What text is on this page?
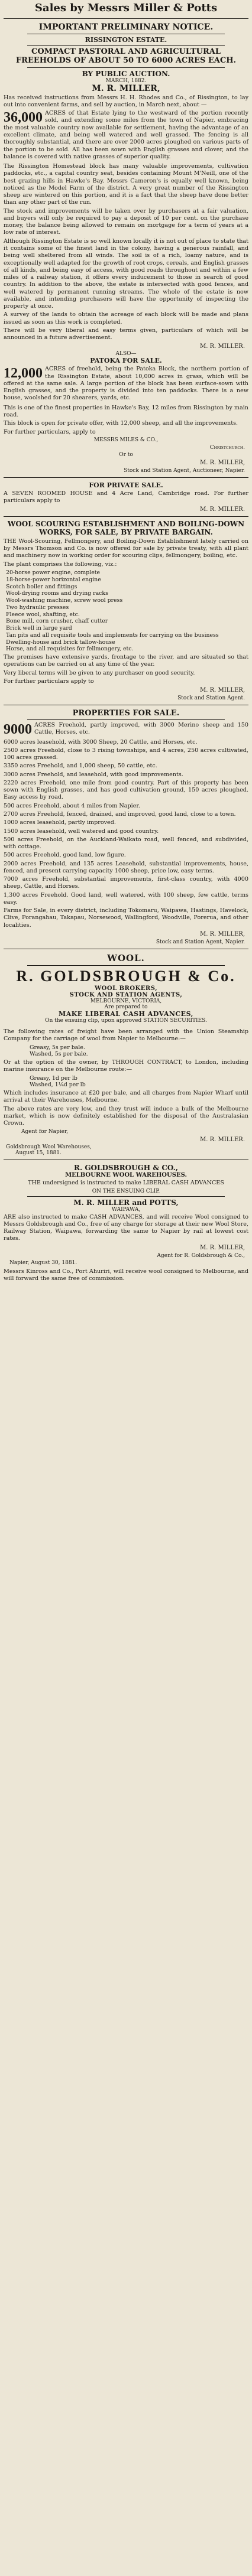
Sales by Messrs Miller & Potts
IMPORTANT PRELIMINARY NOTICE.
RISSINGTON ESTATE.
COMPACT PASTORAL AND AGRICULTURAL FREEHOLDS OF ABOUT 50 TO 6000 ACRES EACH.
BY PUBLIC AUCTION.
MARCH, 1882.
M. R. MILLER,

Has received instructions from Messrs H. H. Rhodes and Co., of Rissington, to lay out into convenient farms, and sell by auction, in March next, about —

36,000 ACRES of that Estate lying to the westward of the portion recently sold, and extending some miles from the town of Napier, embracing the most valuable country now available for settlement, having the advantage of an excellent climate, and being well watered and well grassed. The fencing is all thoroughly substantial, and there are over 2000 acres ploughed on various parts of the portion to be sold. All has been sown with English grasses and clover, and the balance is covered with native grasses of superior quality.

The Rissington Homestead block has many valuable improvements, cultivation paddocks, etc., a capital country seat, besides containing Mount M'Neill, one of the best grazing hills in Hawke's Bay. Messrs Cameron's is equally well known, being noticed as the Model Farm of the district. A very great number of the Rissington sheep are wintered on this portion, and it is a fact that the sheep have done better than any other part of the run.

The stock and improvements will be taken over by purchasers at a fair valuation, and buyers will only be required to pay a deposit of 10 per cent. on the purchase money, the balance being allowed to remain on mortgage for a term of years at a low rate of interest.

Although Rissington Estate is so well known locally it is not out of place to state that it contains some of the finest land in the colony, having a generous rainfall, and being well sheltered from all winds. The soil is of a rich, loamy nature, and is exceptionally well adapted for the growth of root crops, cereals, and English grasses of all kinds, and being easy of access, with good roads throughout and within a few miles of a railway station, it offers every inducement to those in search of good country. In addition to the above, the estate is intersected with good fences, and well watered by permanent running streams. The whole of the estate is now available, and intending purchasers will have the opportunity of inspecting the property at once.

A survey of the lands to obtain the acreage of each block will be made and plans issued as soon as this work is completed.

There will be very liberal and easy terms given, particulars of which will be announced in a future advertisement.

M. R. MILLER.
ALSO—
PATOKA FOR SALE.
12,000 ACRES of freehold, being the Patoka Block, the northern portion of the Rissington Estate, about 10,000 acres in grass, which will be offered at the same sale. A large portion of the block has been surface-sown with English grasses, and the property is divided into ten paddocks. There is a new house, woolshed for 20 shearers, yards, etc.

This is one of the finest properties in Hawke's Bay, 12 miles from Rissington by main road.

This block is open for private offer, with 12,000 sheep, and all the improvements.

For further particulars, apply to

MESSRS MILES & CO.,
Christchurch.
Or to
M. R. MILLER,
Stock and Station Agent, Auctioneer, Napier.
FOR PRIVATE SALE.

A SEVEN ROOMED HOUSE and 4 Acre Land, Cambridge road. For further particulars apply to

M. R. MILLER.
WOOL SCOURING ESTABLISHMENT AND BOILING-DOWN WORKS, FOR SALE, BY PRIVATE BARGAIN.

THE Wool-Scouring, Fellmongery, and Boiling-Down Establishment lately carried on by Messrs Thomson and Co. is now offered for sale by private treaty, with all plant and machinery now in working order for scouring clips, fellmongery, boiling, etc.

The plant comprises the following, viz.:

20-horse power engine, complete
18-horse-power horizontal engine
Scotch boiler and fittings
Wool-drying rooms and drying racks
Wool-washing machine, screw wool press
Two hydraulic presses
Fleece wool, shafting, etc.
Bone mill, corn crusher, chaff cutter
Brick well in large yard
Tan pits and all requisite tools and implements for carrying on the business
Dwelling-house and brick tallow-house
Horse, and all requisites for fellmongery, etc.

The premises have extensive yards, frontage to the river, and are situated so that operations can be carried on at any time of the year.

Very liberal terms will be given to any purchaser on good security.

For further particulars apply to

M. R. MILLER,
Stock and Station Agent.
PROPERTIES FOR SALE.
9000 ACRES Freehold, partly improved, with 3000 Merino sheep and 150 Cattle, Horses, etc.

6000 acres leasehold, with 3000 Sheep, 20 Cattle, and Horses, etc.

2500 acres Freehold, close to 3 rising townships, and 4 acres, 250 acres cultivated, 100 acres grassed.

3350 acres Freehold, and 1,000 sheep, 50 cattle, etc.

3000 acres Freehold, and leasehold, with good improvements.

2220 acres Freehold, one mile from good country. Part of this property has been sown with English grasses, and has good cultivation ground, 150 acres ploughed. Easy access by road.

500 acres Freehold, about 4 miles from Napier.

2700 acres Freehold, fenced, drained, and improved, good land, close to a town.

1000 acres leasehold, partly improved.

1500 acres leasehold, well watered and good country.

500 acres Freehold, on the Auckland-Waikato road, well fenced, and subdivided, with cottage.

500 acres Freehold, good land, low figure.

2000 acres Freehold, and 135 acres Leasehold, substantial improvements, house, fenced, and present carrying capacity 1000 sheep, price low, easy terms.

7000 acres Freehold, substantial improvements, first-class country, with 4000 sheep, Cattle, and Horses.

1,300 acres Freehold. Good land, well watered, with 100 sheep, few cattle, terms easy.

Farms for Sale, in every district, including Tokomaru, Waipawa, Hastings, Havelock, Clive, Porangahau, Takapau, Norsewood, Wallingford, Woodville, Porerua, and other localities.

M. R. MILLER,
Stock and Station Agent, Napier.
WOOL.
R. GOLDSBROUGH & Co.
WOOL BROKERS,
STOCK AND STATION AGENTS,
MELBOURNE, VICTORIA,
Are prepared to
MAKE LIBERAL CASH ADVANCES,
On the ensuing clip, upon approved STATION SECURITIES.

The following rates of freight have been arranged with the Union Steamship Company for the carriage of wool from Napier to Melbourne:—

Greasy, 5s per bale.
Washed, 5s per bale.

Or at the option of the owner, by THROUGH CONTRACT, to London, including marine insurance on the Melbourne route:—

Greasy, 1d per lb
Washed, 1¼d per lb

Which includes insurance at £20 per bale, and all charges from Napier Wharf until arrival at their Warehouses, Melbourne.

The above rates are very low, and they trust will induce a bulk of the Melbourne market, which is now definitely established for the disposal of the Australasian Crown.

Agent for Napier,
M. R. MILLER.
Goldsbrough Wool Warehouses,
August 15, 1881.
R. GOLDSBROUGH & CO.,
MELBOURNE WOOL WAREHOUSES.

THE undersigned is instructed to make LIBERAL CASH ADVANCES

ON THE ENSUING CLIP.
M. R. MILLER and POTTS,
WAIPAWA,

ARE also instructed to make CASH ADVANCES, and will receive Wool consigned to Messrs Goldsbrough and Co., free of any charge for storage at their new Wool Store, Railway Station, Waipawa, forwarding the same to Napier by rail at lowest cost rates.

M. R. MILLER,
Agent for R. Goldsbrough & Co.,
Napier, August 30, 1881.

Messrs Kinross and Co., Port Ahuriri, will receive wool consigned to Melbourne, and will forward the same free of commission.
